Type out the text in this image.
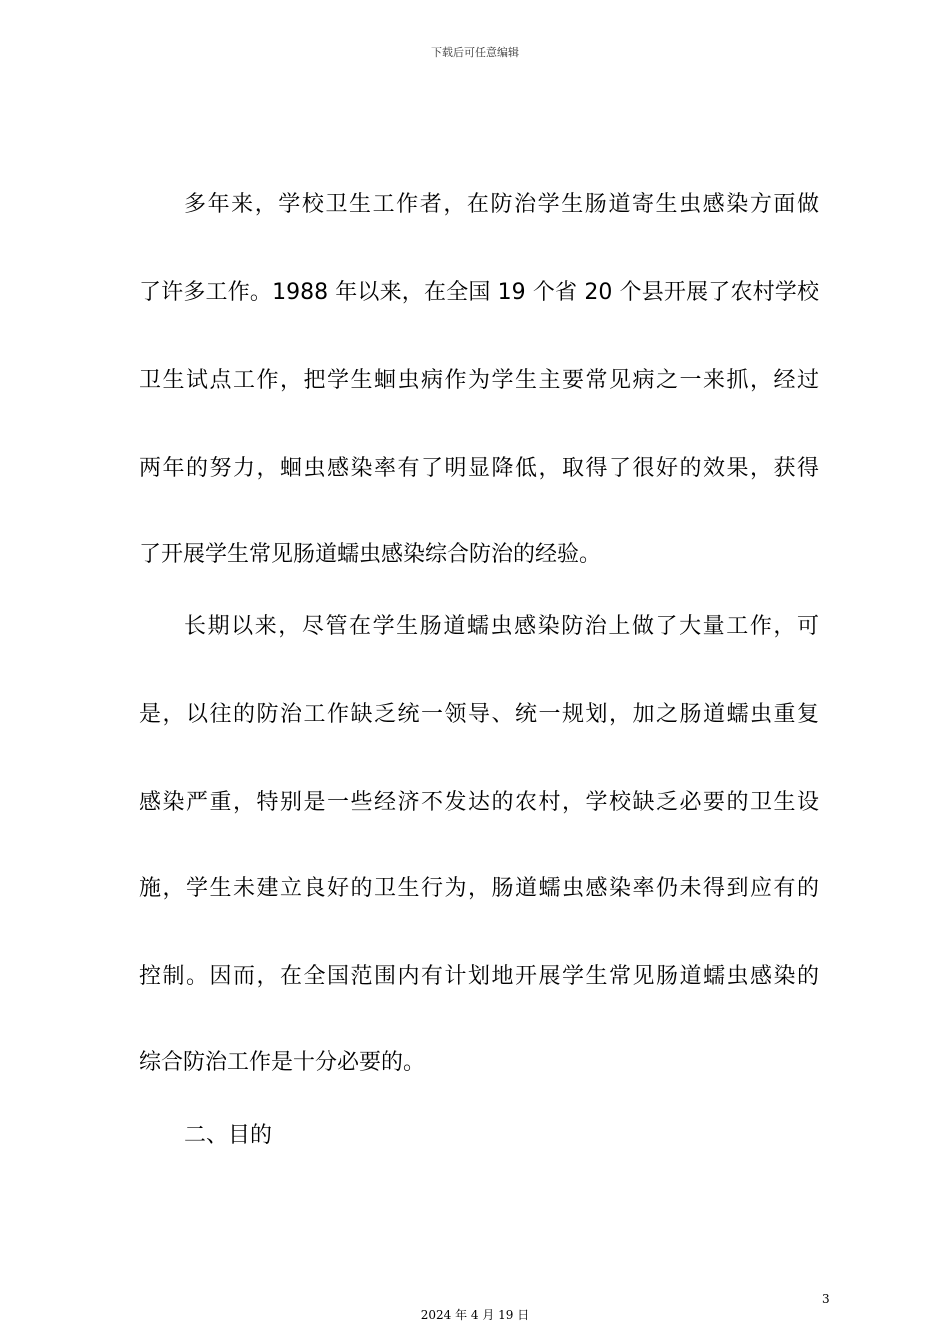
下载后可任意编辑
多年来，学校卫生工作者，在防治学生肠道寄生虫感染方面做
了许多工作。1988 年以来，在全国 19 个省 20 个县开展了农村学校
卫生试点工作，把学生蛔虫病作为学生主要常见病之一来抓，经过
两年的努力，蛔虫感染率有了明显降低，取得了很好的效果，获得
了开展学生常见肠道蠕虫感染综合防治的经验。
长期以来，尽管在学生肠道蠕虫感染防治上做了大量工作，可
是，以往的防治工作缺乏统一领导、统一规划，加之肠道蠕虫重复
感染严重，特别是一些经济不发达的农村，学校缺乏必要的卫生设
施，学生未建立良好的卫生行为，肠道蠕虫感染率仍未得到应有的
控制。因而，在全国范围内有计划地开展学生常见肠道蠕虫感染的
综合防治工作是十分必要的。
二、目的
3
2024 年 4 月 19 日
